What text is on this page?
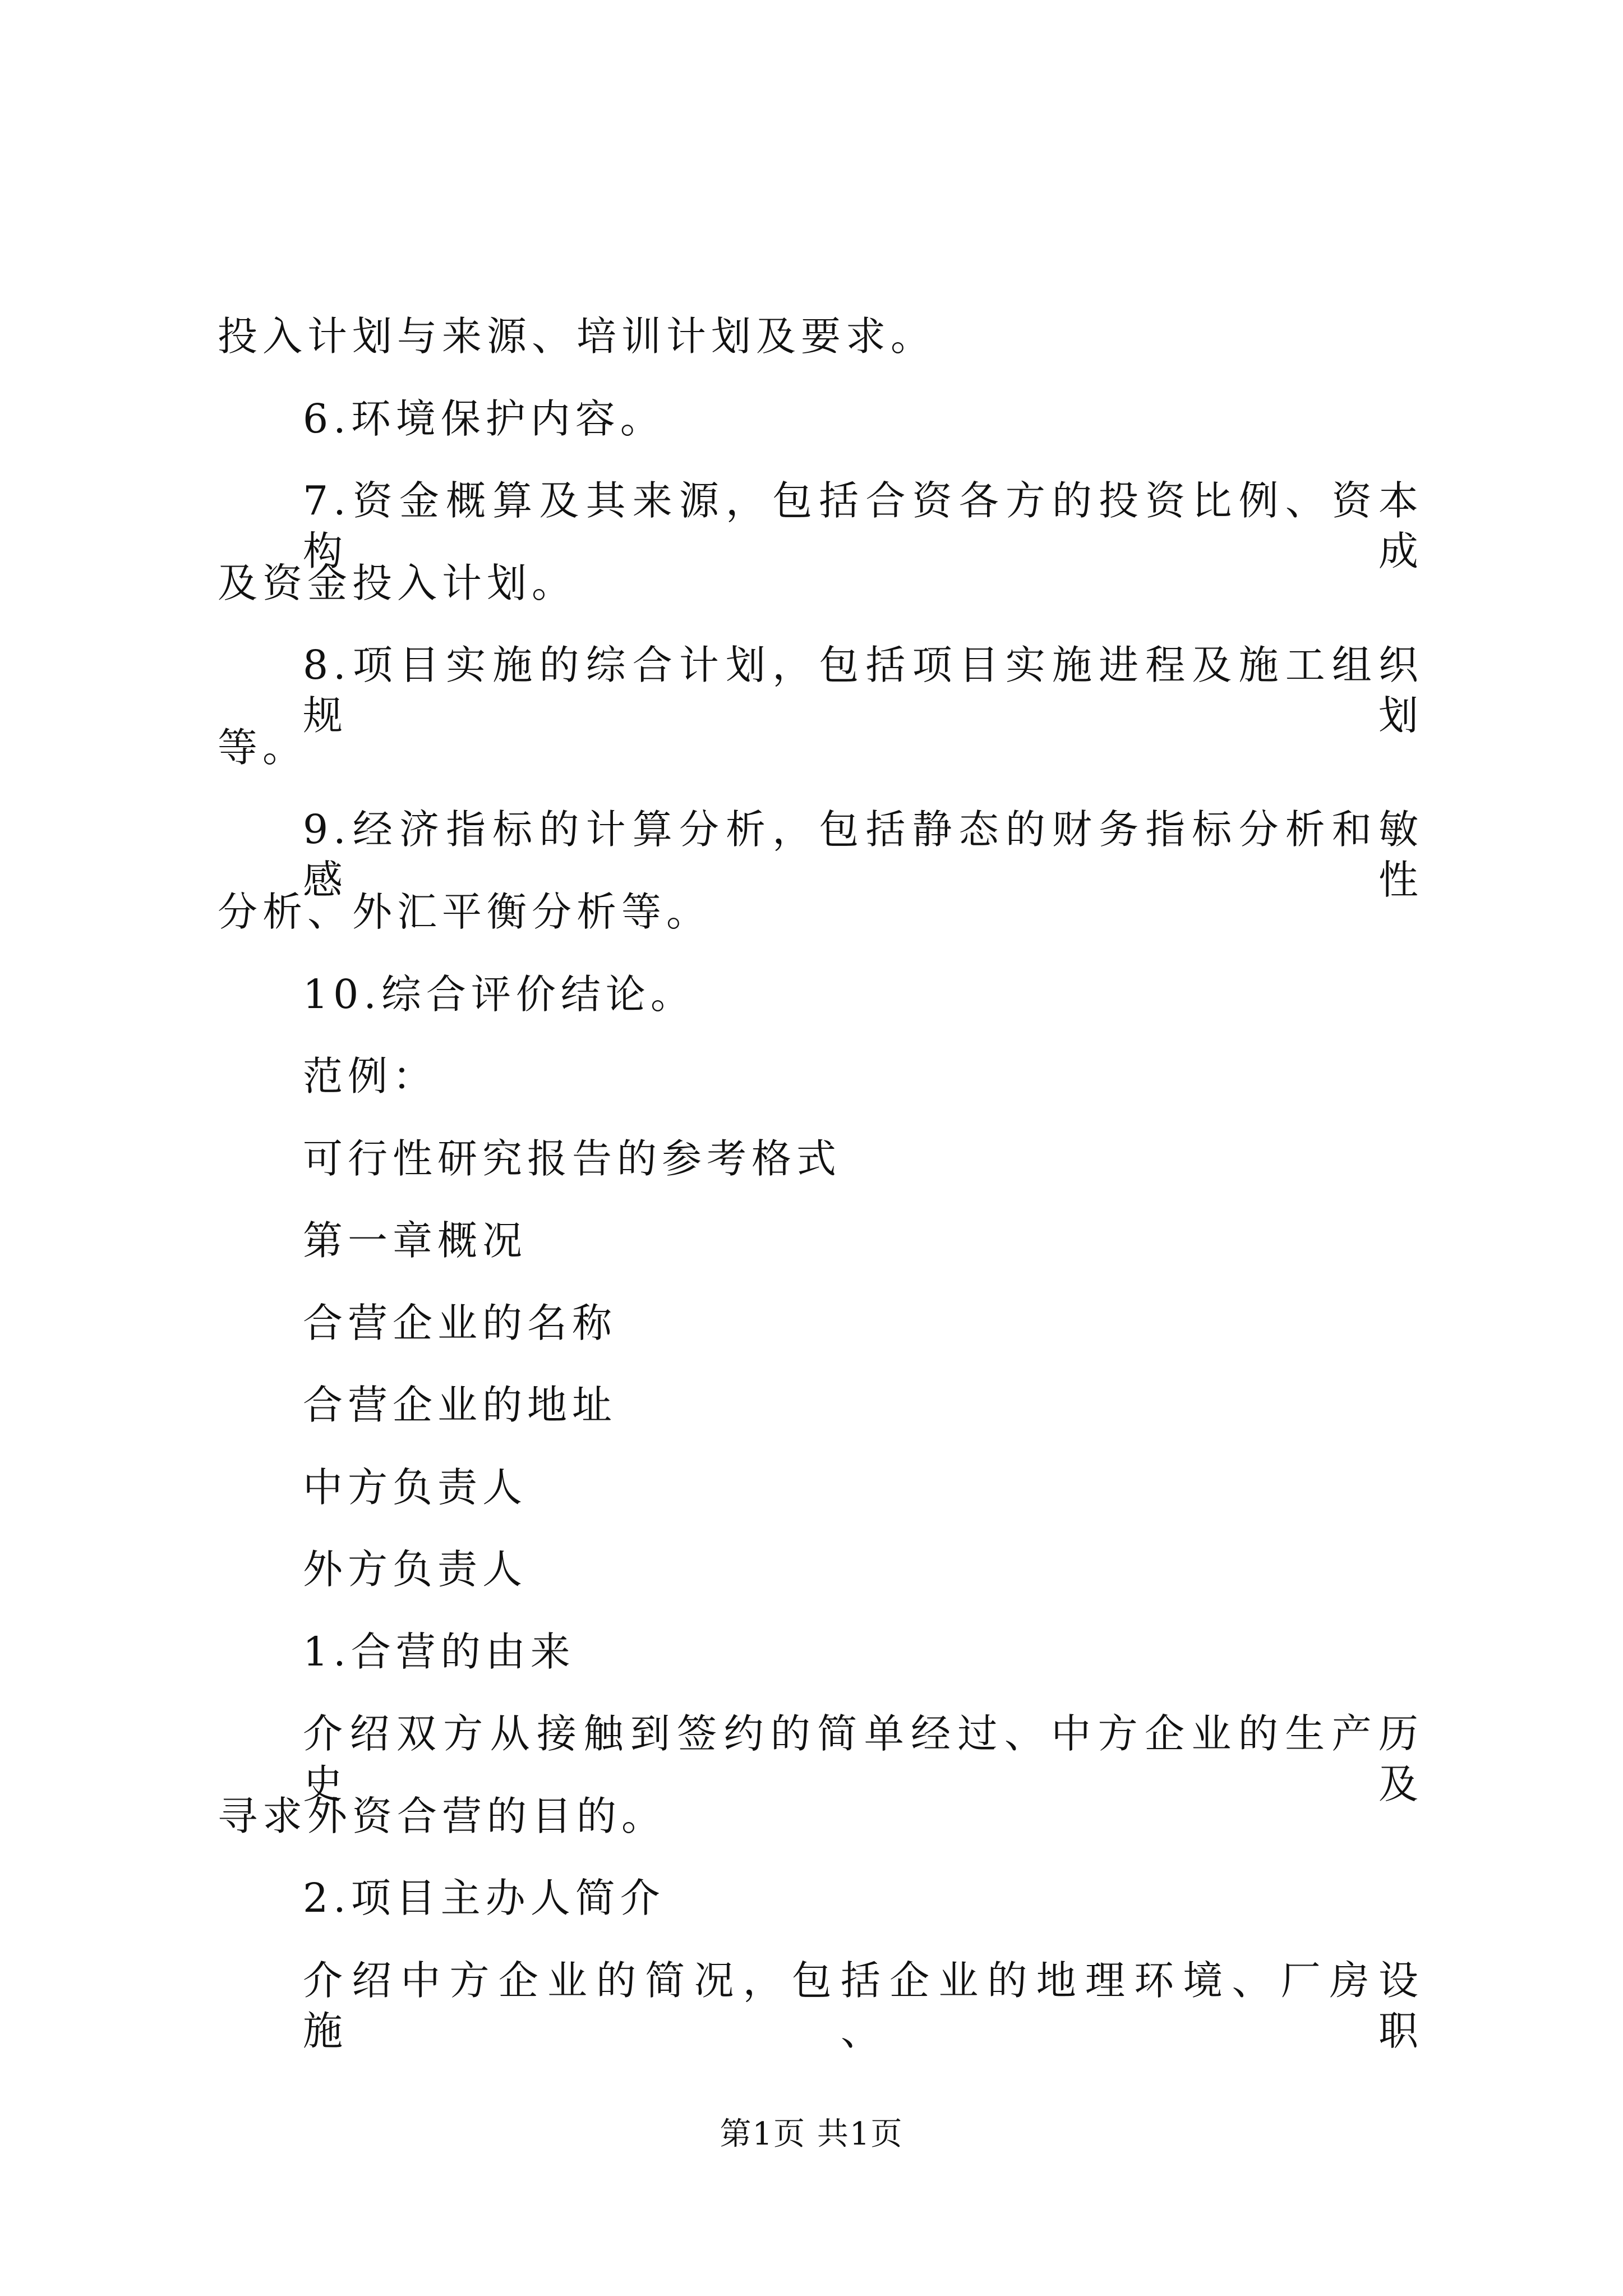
投入计划与来源、培训计划及要求。
6.环境保护内容。
7.资金概算及其来源，包括合资各方的投资比例、资本构成
及资金投入计划。
8.项目实施的综合计划，包括项目实施进程及施工组织规划
等。
9.经济指标的计算分析，包括静态的财务指标分析和敏感性
分析、外汇平衡分析等。
10.综合评价结论。
范例：
可行性研究报告的参考格式
第一章概况
合营企业的名称
合营企业的地址
中方负责人
外方负责人
1.合营的由来
介绍双方从接触到签约的简单经过、中方企业的生产历史及
寻求外资合营的目的。
2.项目主办人简介
介绍中方企业的简况，包括企业的地理环境、厂房设施、职
第1页 共1页
